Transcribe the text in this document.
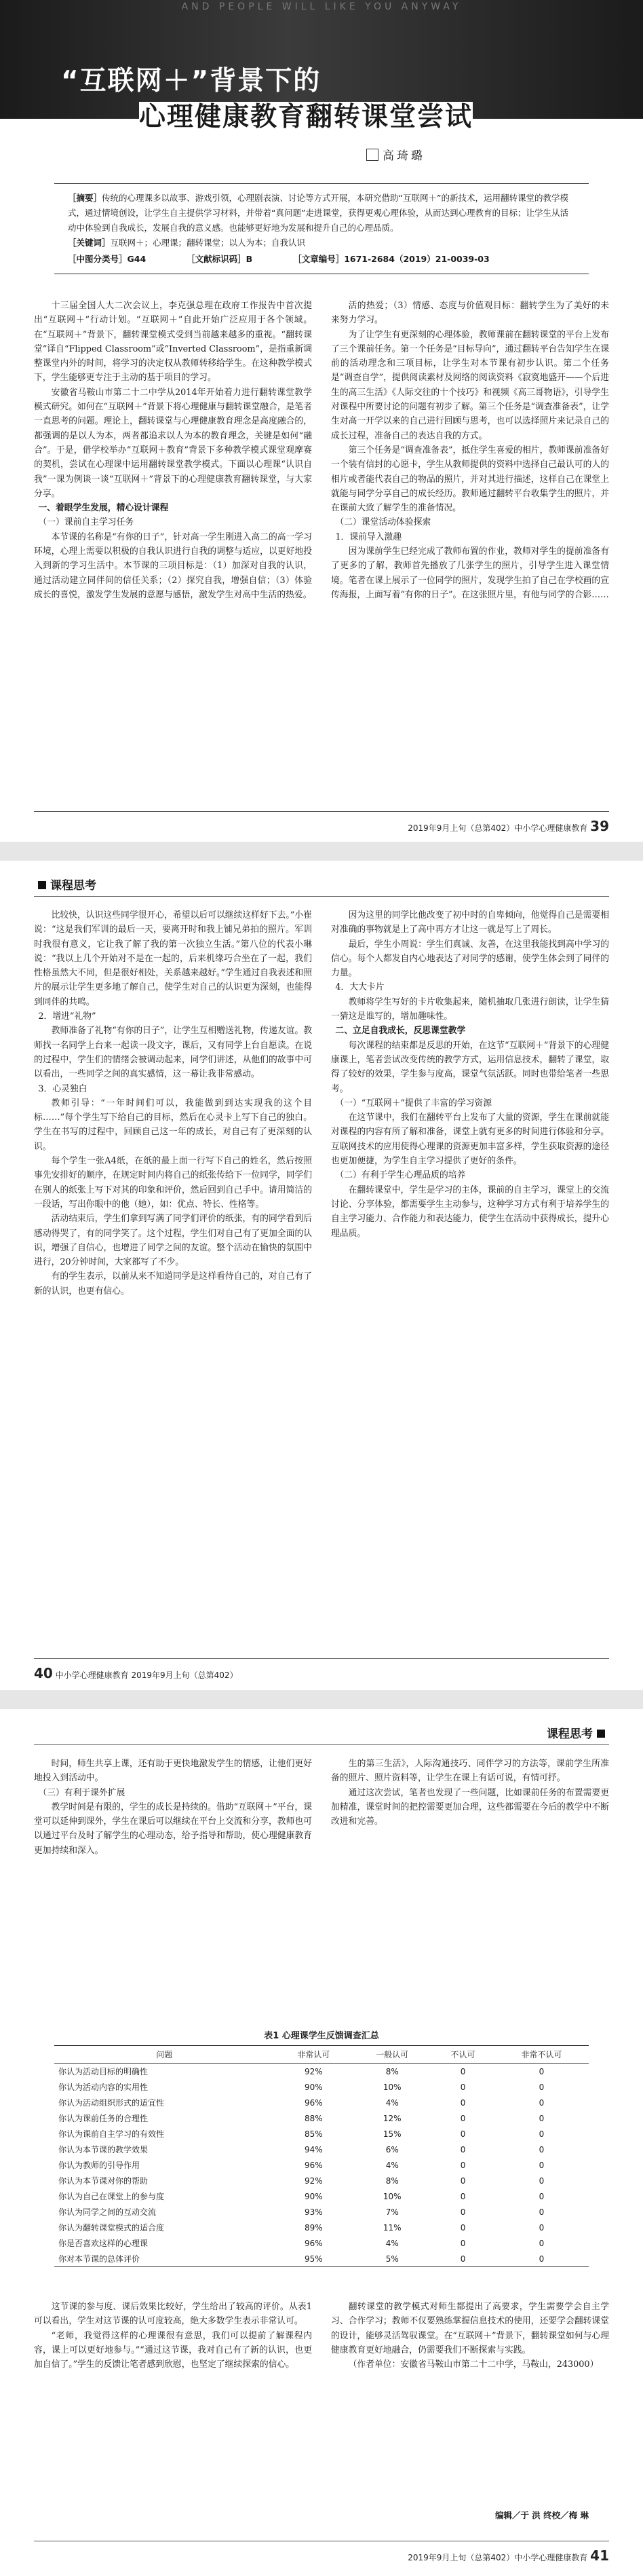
AND PEOPLE WILL LIKE YOU ANYWAY
“互联网＋”背景下的
心理健康教育翻转课堂尝试
高琦璐
［摘要］传统的心理课多以故事、游戏引领，心理剧表演、讨论等方式开展，本研究借助“互联网＋”的新技术，运用翻转课堂的教学模式，通过情境创设，让学生自主提供学习材料，并带着“真问题”走进课堂，获得更观心理体验，从而达到心理教育的目标；让学生从活动中体验到自我成长，发展自我的意义感。也能够更好地为发展和提升自己的心理品质。
［关键词］互联网＋；心理课；翻转课堂；以人为本；自我认识
［中图分类号］G44	［文献标识码］B	［文章编号］1671-2684（2019）21-0039-03

十三届全国人大二次会议上，李克强总理在政府工作报告中首次提出“互联网＋”行动计划。“互联网＋”自此开始广泛应用于各个领域。在“互联网＋”背景下，翻转课堂模式受到当前越来越多的重视。“翻转课堂”译自“Flipped Classroom”或“Inverted Classroom”，是指重新调整课堂内外的时间，将学习的决定权从教师转移给学生。在这种教学模式下，学生能够更专注于主动的基于项目的学习。

安徽省马鞍山市第二十二中学从2014年开始着力进行翻转课堂教学模式研究。如何在“互联网＋”背景下将心理健康与翻转课堂融合，是笔者一直思考的问题。理论上，翻转课堂与心理健康教育理念是高度融合的，都强调的是以人为本，两者都追求以人为本的教育理念，关键是如何“融合”。于是，借学校举办“互联网＋教育”背景下多种教学模式课堂观摩赛的契机，尝试在心理课中运用翻转课堂教学模式。下面以心理课“认识自我”一课为例谈一谈“互联网＋”背景下的心理健康教育翻转课堂，与大家分享。

一、着眼学生发展，精心设计课程

（一）课前自主学习任务

本节课的名称是“有你的日子”，针对高一学生刚进入高二的高一学习环境，心理上需要以积极的自我认识进行自我的调整与适应，以更好地投入到新的学习生活中。本节课的三项目标是：（1）加深对自我的认识，通过活动建立同伴间的信任关系；（2）探究自我，增强自信；（3）体验成长的喜悦，激发学生发展的意愿与感悟，激发学生对高中生活的热爱。

活的热爱；（3）情感、态度与价值观目标：翻转学生为了美好的未来努力学习。

为了让学生有更深刻的心理体验，教师课前在翻转课堂的平台上发布了三个课前任务。第一个任务是“目标导向”，通过翻转平台告知学生在课前的活动理念和三项目标，让学生对本节课有初步认识。第二个任务是“调查自学”，提供阅读素材及网络的阅读资料《寂寞地盛开——个后进生的高三生活》《人际交往的十个技巧》和视频《高三哥物语》，引导学生对课程中所要讨论的问题有初步了解。第三个任务是“调查准备表”，让学生对高一开学以来的自己进行回顾与思考，也可以选择照片来记录自己的成长过程，准备自己的表达自我的方式。

第三个任务是“调查准备表”，抵住学生喜爱的相片，教师课前准备好一个装有信封的心愿卡，学生从教师提供的资料中选择自己最认可的人的相片或者能代表自己的物品的照片，并对其进行描述，这样自己在课堂上就能与同学分享自己的成长经历。教师通过翻转平台收集学生的照片，并在课前大致了解学生的准备情况。

（二）课堂活动体验探索

1．课前导入激趣

因为课前学生已经完成了教师布置的作业，教师对学生的提前准备有了更多的了解，教师首先播放了几张学生的照片，引导学生进入课堂情境。笔者在课上展示了一位同学的照片，发现学生拍了自己在学校画的宣传海报，上面写着“有你的日子”。在这张照片里，有他与同学的合影……

2019年9月上旬（总第402）中小学心理健康教育 39
课程思考

比较快，认识这些同学很开心，希望以后可以继续这样好下去。”小崔说：“这是我们军训的最后一天，要离开时和我上铺兄弟拍的照片。军训时我很有意义，它让我了解了我的第一次独立生活。”第八位的代表小琳说：“我以上几个开始对不是在一起的，后来机缘巧合坐在了一起，我们性格虽然大不同，但是很好相处，关系越来越好。”学生通过自我表述和照片的展示让学生更多地了解自己，使学生对自己的认识更为深刻，也能得到同伴的共鸣。

2．增进“礼物”

教师准备了礼物“有你的日子”，让学生互相赠送礼物，传递友谊。教师找一名同学上台来一起读一段文字，课后，又有同学上台自愿读。在说的过程中，学生们的情绪会被调动起来，同学们讲述，从他们的故事中可以看出，一些同学之间的真实感情，这一幕让我非常感动。

3．心灵独白

教师引导：“一年时间们可以，我能做到到达实现我的这个目标……”每个学生写下给自己的目标，然后在心灵卡上写下自己的独白。学生在书写的过程中，回顾自己这一年的成长，对自己有了更深刻的认识。

每个学生一张A4纸，在纸的最上面一行写下自己的姓名，然后按照事先安排好的顺序，在规定时间内将自己的纸张传给下一位同学，同学们在别人的纸张上写下对其的印象和评价，然后回到自己手中。请用简洁的一段话，写出你眼中的他（她），如：优点、特长、性格等。

活动结束后，学生们拿到写满了同学们评价的纸张，有的同学看到后感动得哭了，有的同学笑了。这个过程，学生们对自己有了更加全面的认识，增强了自信心，也增进了同学之间的友谊。整个活动在愉快的氛围中进行，20分钟时间，大家都写了不少。

有的学生表示，以前从来不知道同学是这样看待自己的，对自己有了新的认识，也更有信心。

因为这里的同学比他改变了初中时的自卑倾向，他觉得自己是需要相对准确的事物就是上了高中再方才让这一就是写上了周长。

最后，学生小周说：学生们真诚、友善，在这里我能找到高中学习的信心。每个人都发自内心地表达了对同学的感谢，使学生体会到了同伴的力量。

4．大大卡片

教师将学生写好的卡片收集起来，随机抽取几张进行朗读，让学生猜一猜这是谁写的，增加趣味性。

二、立足自我成长，反思课堂教学

每次课程的结束都是反思的开始，在这节“互联网＋”背景下的心理健康课上，笔者尝试改变传统的教学方式，运用信息技术，翻转了课堂，取得了较好的效果，学生参与度高，课堂气氛活跃。同时也带给笔者一些思考。

（一）“互联网＋”提供了丰富的学习资源

在这节课中，我们在翻转平台上发布了大量的资源，学生在课前就能对课程的内容有所了解和准备，课堂上就有更多的时间进行体验和分享。互联网技术的应用使得心理课的资源更加丰富多样，学生获取资源的途径也更加便捷，为学生自主学习提供了更好的条件。

（二）有利于学生心理品质的培养

在翻转课堂中，学生是学习的主体，课前的自主学习，课堂上的交流讨论、分享体验，都需要学生主动参与，这种学习方式有利于培养学生的自主学习能力、合作能力和表达能力，使学生在活动中获得成长，提升心理品质。

40 中小学心理健康教育 2019年9月上旬（总第402）
课程思考

时间，师生共享上课，还有助于更快地激发学生的情感，让他们更好地投入到活动中。

（三）有利于课外扩展

教学时间是有限的，学生的成长是持续的。借助“互联网＋”平台，课堂可以延伸到课外，学生在课后可以继续在平台上交流和分享，教师也可以通过平台及时了解学生的心理动态，给予指导和帮助，使心理健康教育更加持续和深入。

生的第三生活》，人际沟通技巧、同伴学习的方法等，课前学生所准备的照片、照片资料等，让学生在课上有话可说，有情可抒。

通过这次尝试，笔者也发现了一些问题，比如课前任务的布置需要更加精准，课堂时间的把控需要更加合理，这些都需要在今后的教学中不断改进和完善。

表1 心理课学生反馈调查汇总
问题	非常认可	一般认可	不认可	非常不认可
你认为活动目标的明确性	92%	8%	0	0
你认为活动内容的实用性	90%	10%	0	0
你认为活动组织形式的适宜性	96%	4%	0	0
你认为课前任务的合理性	88%	12%	0	0
你认为课前自主学习的有效性	85%	15%	0	0
你认为本节课的教学效果	94%	6%	0	0
你认为教师的引导作用	96%	4%	0	0
你认为本节课对你的帮助	92%	8%	0	0
你认为自己在课堂上的参与度	90%	10%	0	0
你认为同学之间的互动交流	93%	7%	0	0
你认为翻转课堂模式的适合度	89%	11%	0	0
你是否喜欢这样的心理课	96%	4%	0	0
你对本节课的总体评价	95%	5%	0	0

这节课的参与度、课后效果比较好，学生给出了较高的评价。从表1可以看出，学生对这节课的认可度较高，绝大多数学生表示非常认可。

“老师，我觉得这样的心理课很有意思，我们可以提前了解课程内容，课上可以更好地参与。”“通过这节课，我对自己有了新的认识，也更加自信了。”学生的反馈让笔者感到欣慰，也坚定了继续探索的信心。

翻转课堂的教学模式对师生都提出了高要求，学生需要学会自主学习、合作学习；教师不仅要熟练掌握信息技术的使用，还要学会翻转课堂的设计，能够灵活驾驭课堂。在“互联网＋”背景下，翻转课堂如何与心理健康教育更好地融合，仍需要我们不断探索与实践。

（作者单位：安徽省马鞍山市第二十二中学，马鞍山，243000）

编辑／于 洪 终校／梅 琳
2019年9月上旬（总第402）中小学心理健康教育 41
